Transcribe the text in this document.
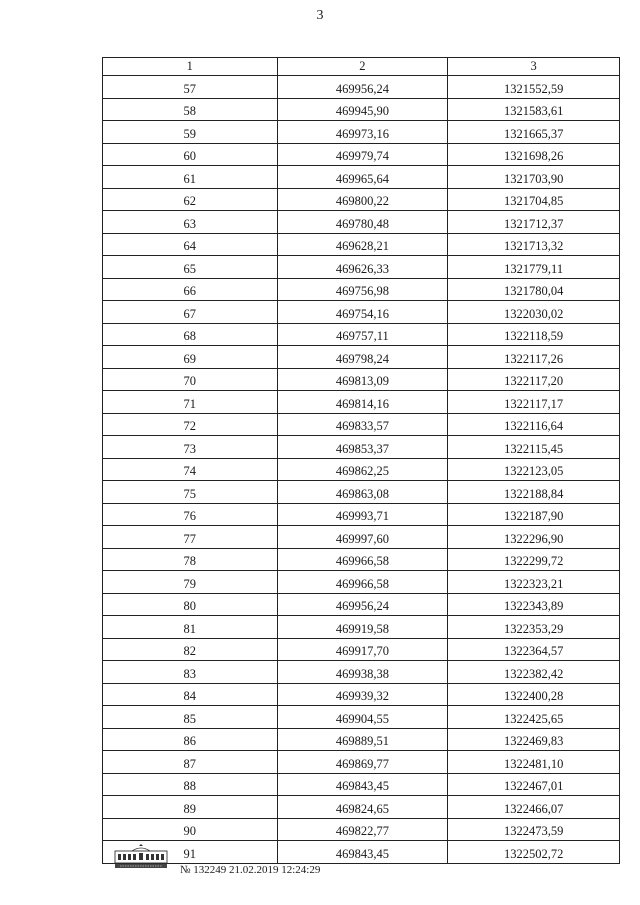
3
1	2	3
57	469956,24	1321552,59
58	469945,90	1321583,61
59	469973,16	1321665,37
60	469979,74	1321698,26
61	469965,64	1321703,90
62	469800,22	1321704,85
63	469780,48	1321712,37
64	469628,21	1321713,32
65	469626,33	1321779,11
66	469756,98	1321780,04
67	469754,16	1322030,02
68	469757,11	1322118,59
69	469798,24	1322117,26
70	469813,09	1322117,20
71	469814,16	1322117,17
72	469833,57	1322116,64
73	469853,37	1322115,45
74	469862,25	1322123,05
75	469863,08	1322188,84
76	469993,71	1322187,90
77	469997,60	1322296,90
78	469966,58	1322299,72
79	469966,58	1322323,21
80	469956,24	1322343,89
81	469919,58	1322353,29
82	469917,70	1322364,57
83	469938,38	1322382,42
84	469939,32	1322400,28
85	469904,55	1322425,65
86	469889,51	1322469,83
87	469869,77	1322481,10
88	469843,45	1322467,01
89	469824,65	1322466,07
90	469822,77	1322473,59
91	469843,45	1322502,72
№ 132249 21.02.2019 12:24:29
